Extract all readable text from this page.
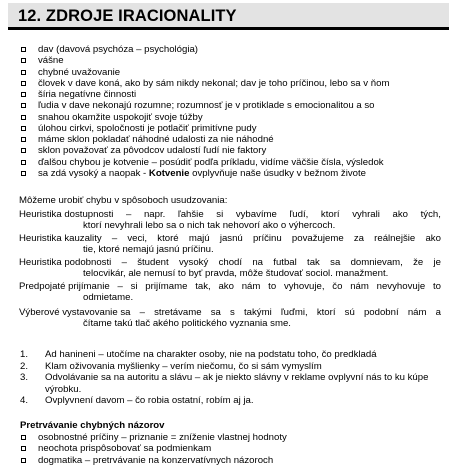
12. ZDROJE IRACIONALITY
dav (davová psychóza – psychológia)
vášne
chybné uvažovanie
človek v dave koná, ako by sám nikdy nekonal; dav je toho príčinou, lebo sa v ňom
šíria negatívne činnosti
ľudia v dave nekonajú rozumne; rozumnosť je v protiklade s emocionalitou a so
snahou okamžite uspokojiť svoje túžby
úlohou cirkvi, spoločnosti je potlačiť primitívne pudy
máme sklon pokladať náhodné udalosti za nie náhodné
sklon považovať za pôvodcov udalostí ľudí nie faktory
ďalšou chybou je kotvenie – posúdiť podľa príkladu, vidíme väčšie čísla, výsledok
sa zdá vysoký a naopak - Kotvenie ovplyvňuje naše úsudky v bežnom živote
Môžeme urobiť chybu v spôsoboch usudzovania:
Heuristika dostupnosti – napr. ľahšie si vybavíme ľudí, ktorí vyhrali ako tých,
ktorí nevyhrali lebo sa o nich tak nehovorí ako o výhercoch.
Heuristika kauzality – veci, ktoré majú jasnú príčinu považujeme za reálnejšie ako
tie, ktoré nemajú jasnú príčinu.
Heuristika podobnosti – študent vysoký chodí na futbal tak sa domnievam, že je
telocvikár, ale nemusí to byť pravda, môže študovať sociol. manažment.
Predpojaté prijímanie – si prijímame tak, ako nám to vyhovuje, čo nám nevyhovuje to
odmietame.
Výberové vystavovanie sa – stretávame sa s takými ľuďmi, ktorí sú podobní nám a
čítame takú tlač akého politického vyznania sme.
1. Ad hanineni – utočíme na charakter osoby, nie na podstatu toho, čo predkladá
2. Klam oživovania myšlienky – verím niečomu, čo si sám vymyslím
3. Odvolávanie sa na autoritu a slávu – ak je niekto slávny v reklame ovplyvní nás to ku kúpe výrobku.
4. Ovplyvnení davom – čo robia ostatní, robím aj ja.
Pretrvávanie chybných názorov
osobnostné príčiny – priznanie = zníženie vlastnej hodnoty
neochota prispôsobovať sa podmienkam
dogmatika – pretrvávanie na konzervatívnych názoroch
